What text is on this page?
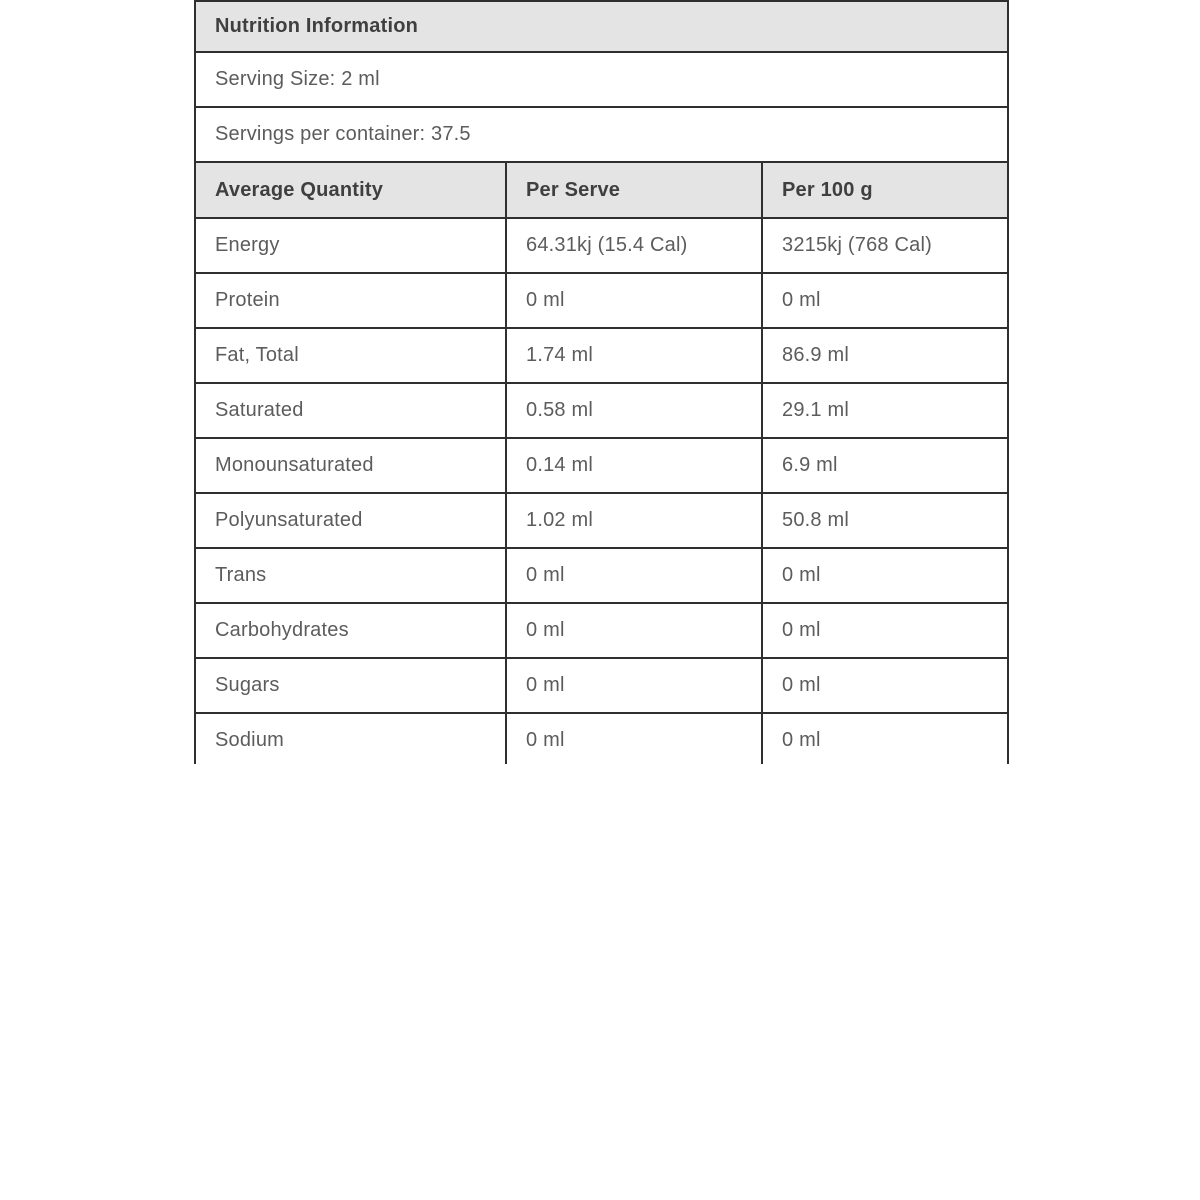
Nutrition Information		
Serving Size: 2 ml		
Servings per container: 37.5		
Average Quantity	Per Serve	Per 100 g
Energy	64.31kj (15.4 Cal)	3215kj (768 Cal)
Protein	0 ml	0 ml
Fat, Total	1.74 ml	86.9 ml
Saturated	0.58 ml	29.1 ml
Monounsaturated	0.14 ml	6.9 ml
Polyunsaturated	1.02 ml	50.8 ml
Trans	0 ml	0 ml
Carbohydrates	0 ml	0 ml
Sugars	0 ml	0 ml
Sodium	0 ml	0 ml
